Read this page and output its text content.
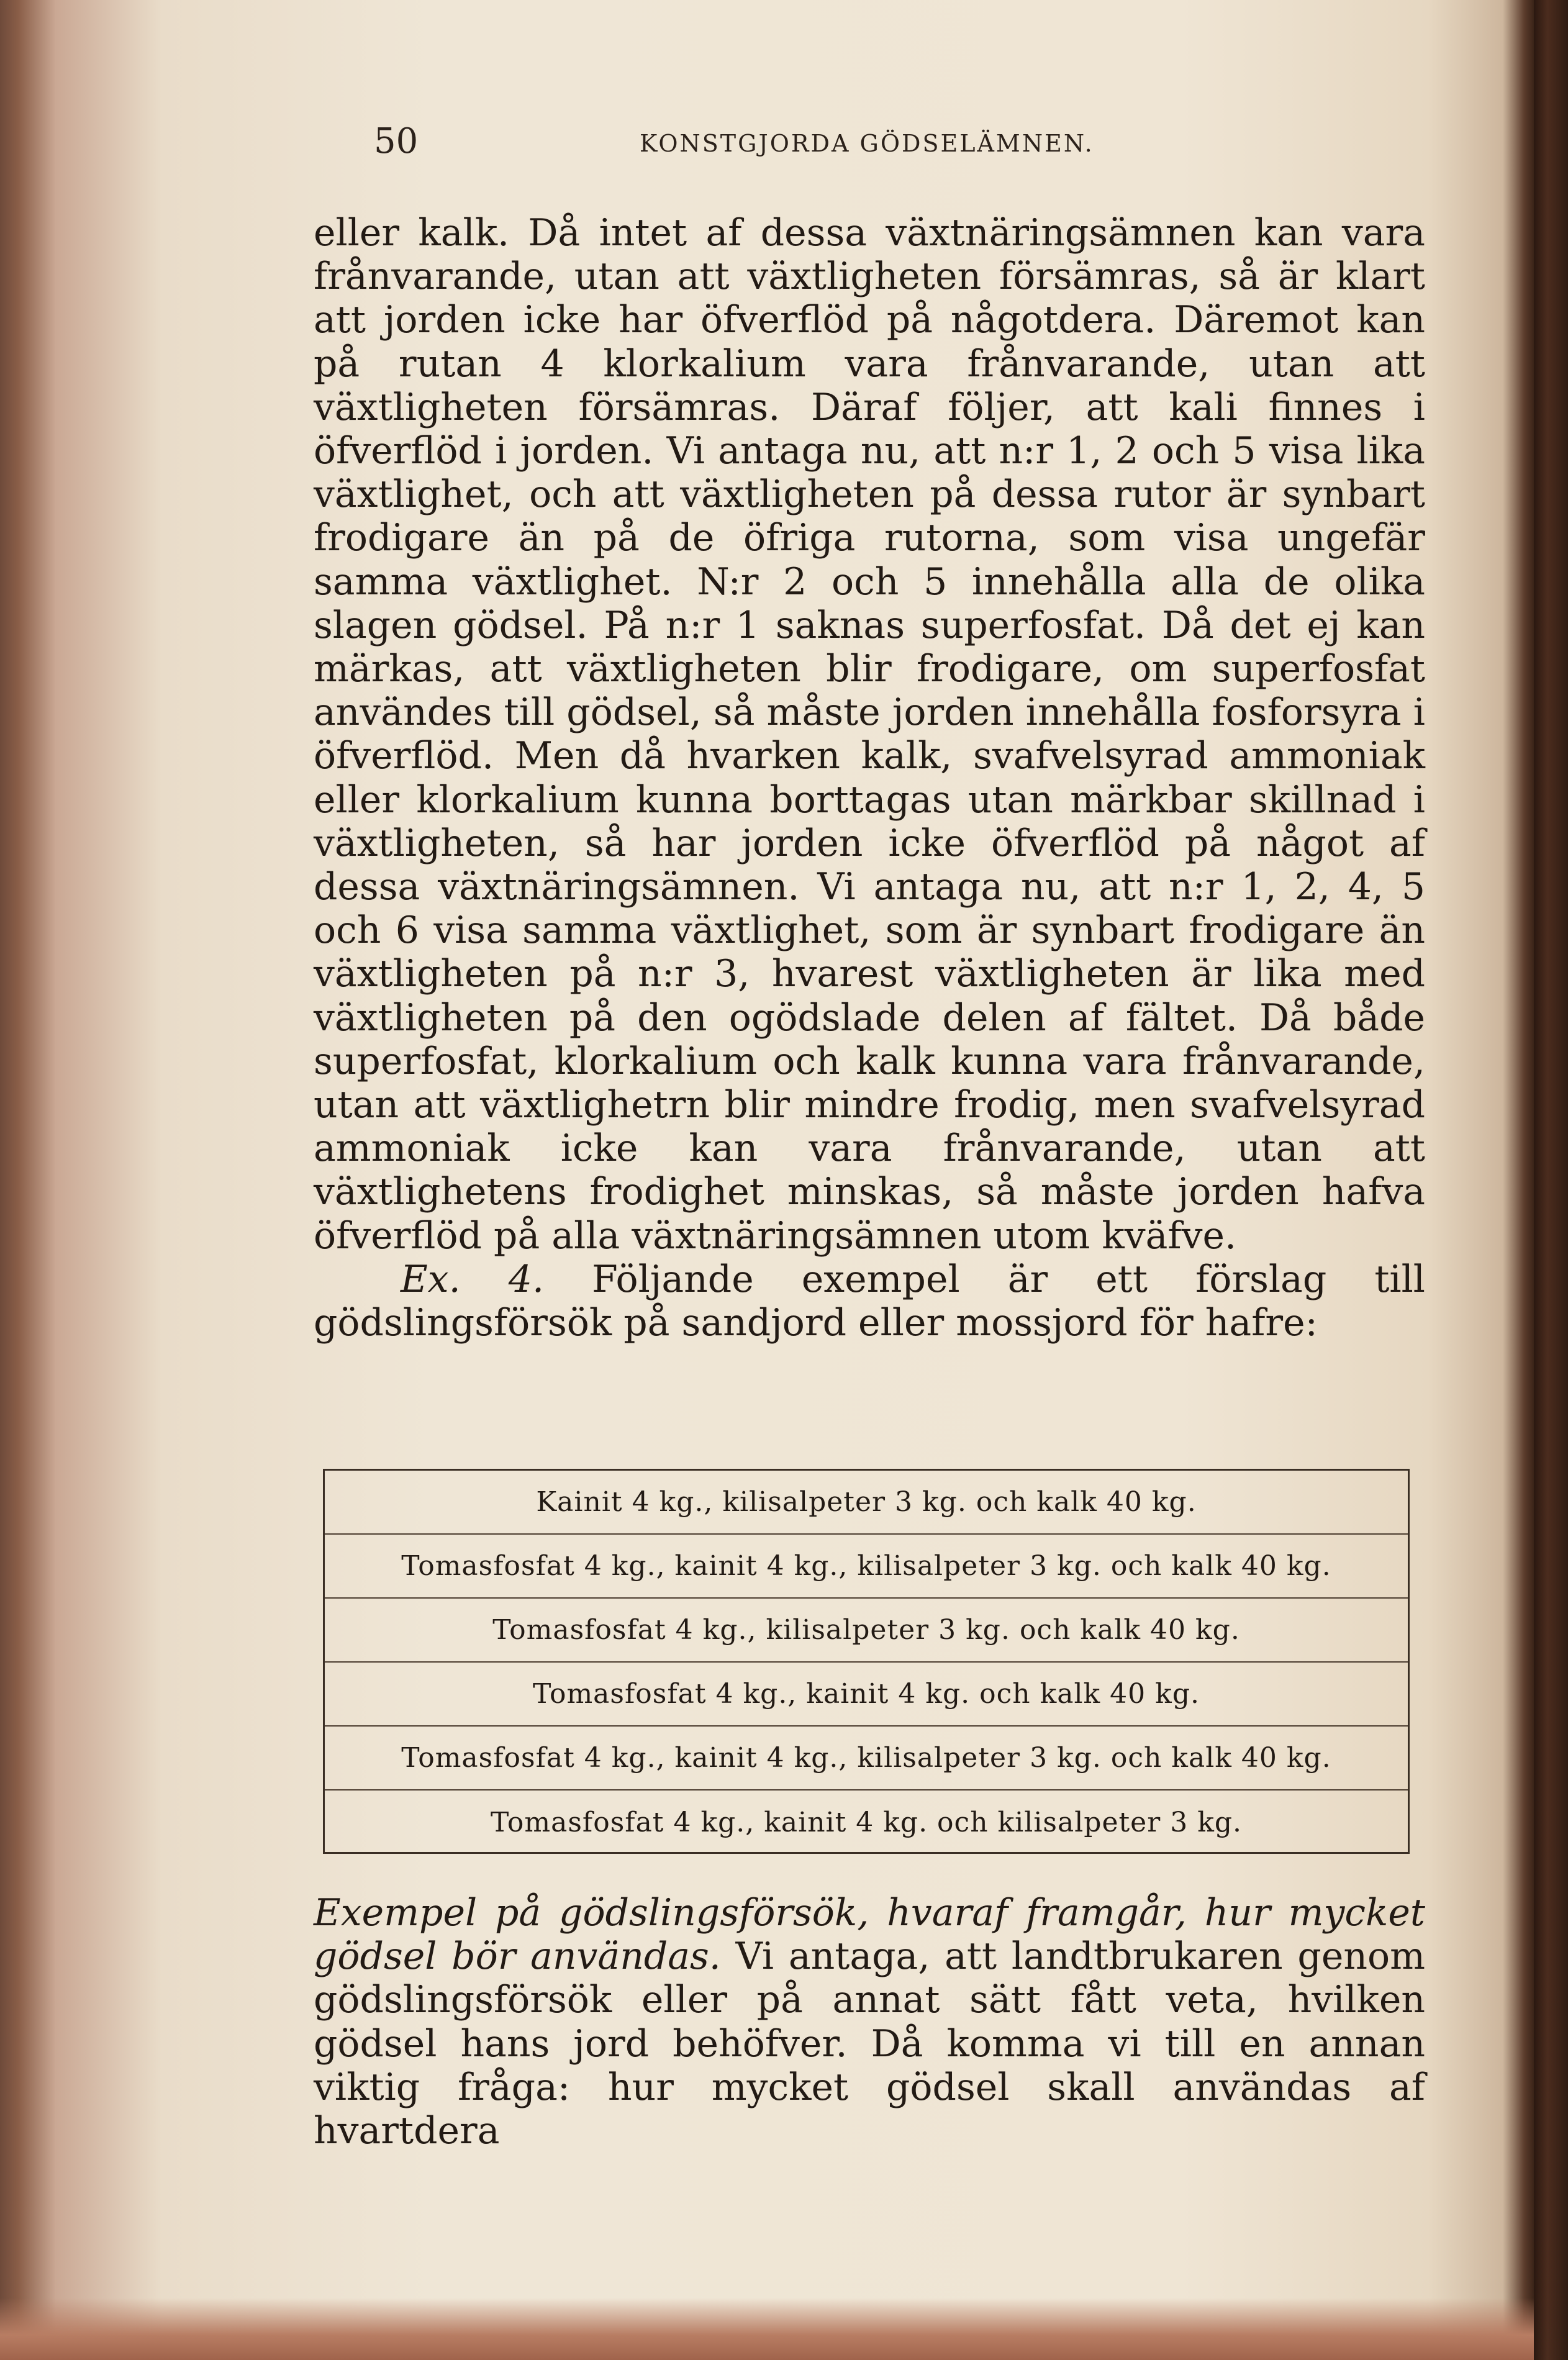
50	KONSTGJORDA GÖDSELÄMNEN.

eller kalk. Då intet af dessa växtnäringsämnen kan vara frånvarande, utan att växtligheten försämras, så är klart att jorden icke har öfverflöd på någotdera. Däremot kan på rutan 4 klorkalium vara frånvarande, utan att växtligheten försämras. Däraf följer, att kali finnes i öfverflöd i jorden. Vi antaga nu, att n:r 1, 2 och 5 visa lika växtlighet, och att växtligheten på dessa rutor är synbart frodigare än på de öfriga rutorna, som visa ungefär samma växtlighet. N:r 2 och 5 innehålla alla de olika slagen gödsel. På n:r 1 saknas superfosfat. Då det ej kan märkas, att växtligheten blir frodigare, om superfosfat användes till gödsel, så måste jorden innehålla fosforsyra i öfverflöd. Men då hvarken kalk, svafvelsyrad ammoniak eller klorkalium kunna borttagas utan märkbar skillnad i växtligheten, så har jorden icke öfverflöd på något af dessa växtnäringsämnen. Vi antaga nu, att n:r 1, 2, 4, 5 och 6 visa samma växtlighet, som är synbart frodigare än växtligheten på n:r 3, hvarest växtligheten är lika med växtligheten på den ogödslade delen af fältet. Då både superfosfat, klorkalium och kalk kunna vara frånvarande, utan att växtlighetrn blir mindre frodig, men svafvelsyrad ammoniak icke kan vara frånvarande, utan att växtlighetens frodighet minskas, så måste jorden hafva öfverflöd på alla växtnäringsämnen utom kväfve.

Ex. 4. Följande exempel är ett förslag till gödslingsförsök på sandjord eller mossjord för hafre:

Kainit 4 kg., kilisalpeter 3 kg. och kalk 40 kg.
Tomasfosfat 4 kg., kainit 4 kg., kilisalpeter 3 kg. och kalk 40 kg.
Tomasfosfat 4 kg., kilisalpeter 3 kg. och kalk 40 kg.
Tomasfosfat 4 kg., kainit 4 kg. och kalk 40 kg.
Tomasfosfat 4 kg., kainit 4 kg., kilisalpeter 3 kg. och kalk 40 kg.
Tomasfosfat 4 kg., kainit 4 kg. och kilisalpeter 3 kg.

Exempel på gödslingsförsök, hvaraf framgår, hur mycket gödsel bör användas. Vi antaga, att landtbrukaren genom gödslingsförsök eller på annat sätt fått veta, hvilken gödsel hans jord behöfver. Då komma vi till en annan viktig fråga: hur mycket gödsel skall användas af hvartdera
